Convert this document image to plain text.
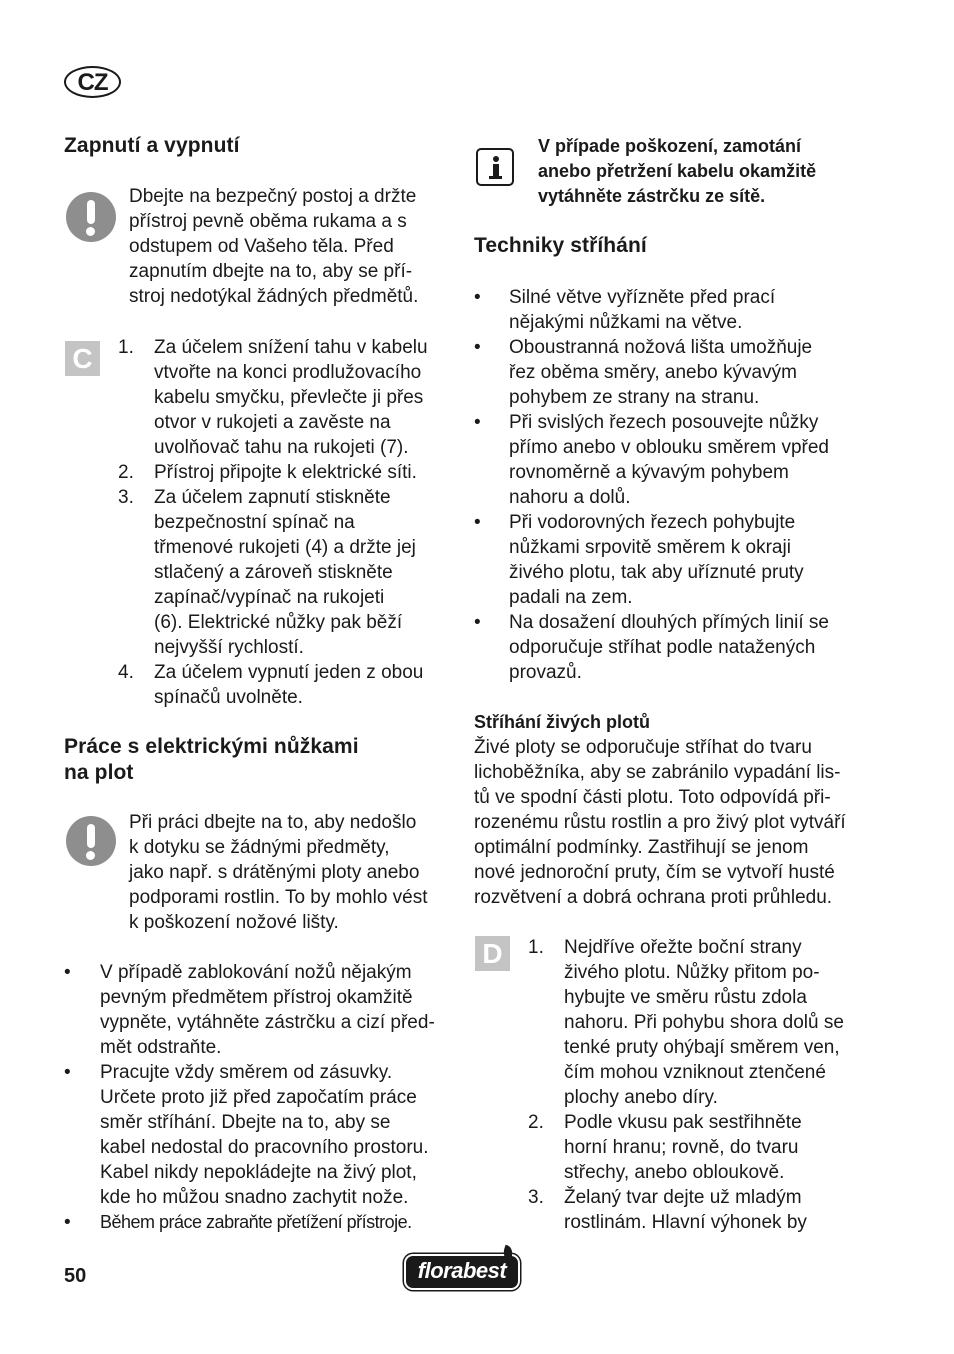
CZ
Zapnutí a vypnutí

Dbejte na bezpečný postoj a držte

přístroj pevně oběma rukama a s

odstupem od Vašeho těla. Před

zapnutím dbejte na to, aby se pří-

stroj nedotýkal žádných předmětů.

C	1. Za účelem snížení tahu v kabelu

vtvořte na konci prodlužovacího

kabelu smyčku, převlečte ji přes

otvor v rukojeti a zavěste na

uvolňovač tahu na rukojeti (7).

2. Přístroj připojte k elektrické síti.

3. Za účelem zapnutí stiskněte

bezpečnostní spínač na

třmenové rukojeti (4) a držte jej

stlačený a zároveň stiskněte

zapínač/vypínač na rukojeti

(6). Elektrické nůžky pak běží

nejvyšší rychlostí.

4. Za účelem vypnutí jeden z obou

spínačů uvolněte.

Práce s elektrickými nůžkami
na plot

Při práci dbejte na to, aby nedošlo

k dotyku se žádnými předměty,

jako např. s drátěnými ploty anebo

podporami rostlin. To by mohlo vést

k poškození nožové lišty.

• V případě zablokování nožů nějakým

pevným předmětem přístroj okamžitě

vypněte, vytáhněte zástrčku a cizí před-

mět odstraňte.

• Pracujte vždy směrem od zásuvky.

Určete proto již před započatím práce

směr stříhání. Dbejte na to, aby se

kabel nedostal do pracovního prostoru.

Kabel nikdy nepokládejte na živý plot,

kde ho můžou snadno zachytit nože.

• Během práce zabraňte přetížení přístroje.

V případe poškození, zamotání

anebo přetržení kabelu okamžitě

vytáhněte zástrčku ze sítě.

Techniky stříhání
• Silné větve vyřízněte před prací

nějakými nůžkami na větve.

• Oboustranná nožová lišta umožňuje

řez oběma směry, anebo kývavým

pohybem ze strany na stranu.

• Při svislých řezech posouvejte nůžky

přímo anebo v oblouku směrem vpřed

rovnoměrně a kývavým pohybem

nahoru a dolů.

• Při vodorovných řezech pohybujte

nůžkami srpovitě směrem k okraji

živého plotu, tak aby uříznuté pruty

padali na zem.

• Na dosažení dlouhých přímých linií se

odporučuje stříhat podle natažených

provazů.

Stříhání živých plotů

Živé ploty se odporučuje stříhat do tvaru

lichoběžníka, aby se zabránilo vypadání lis-

tů ve spodní části plotu. Toto odpovídá při-

rozenému růstu rostlin a pro živý plot vytváří

optimální podmínky. Zastřihují se jenom

nové jednoroční pruty, čím se vytvoří husté

rozvětvení a dobrá ochrana proti průhledu.

D	1. Nejdříve ořežte boční strany

živého plotu. Nůžky přitom po-

hybujte ve směru růstu zdola

nahoru. Při pohybu shora dolů se

tenké pruty ohýbají směrem ven,

čím mohou vzniknout ztenčené

plochy anebo díry.

2. Podle vkusu pak sestřihněte

horní hranu; rovně, do tvaru

střechy, anebo obloukově.

3. Želaný tvar dejte už mladým

rostlinám. Hlavní výhonek by

50	florabest
